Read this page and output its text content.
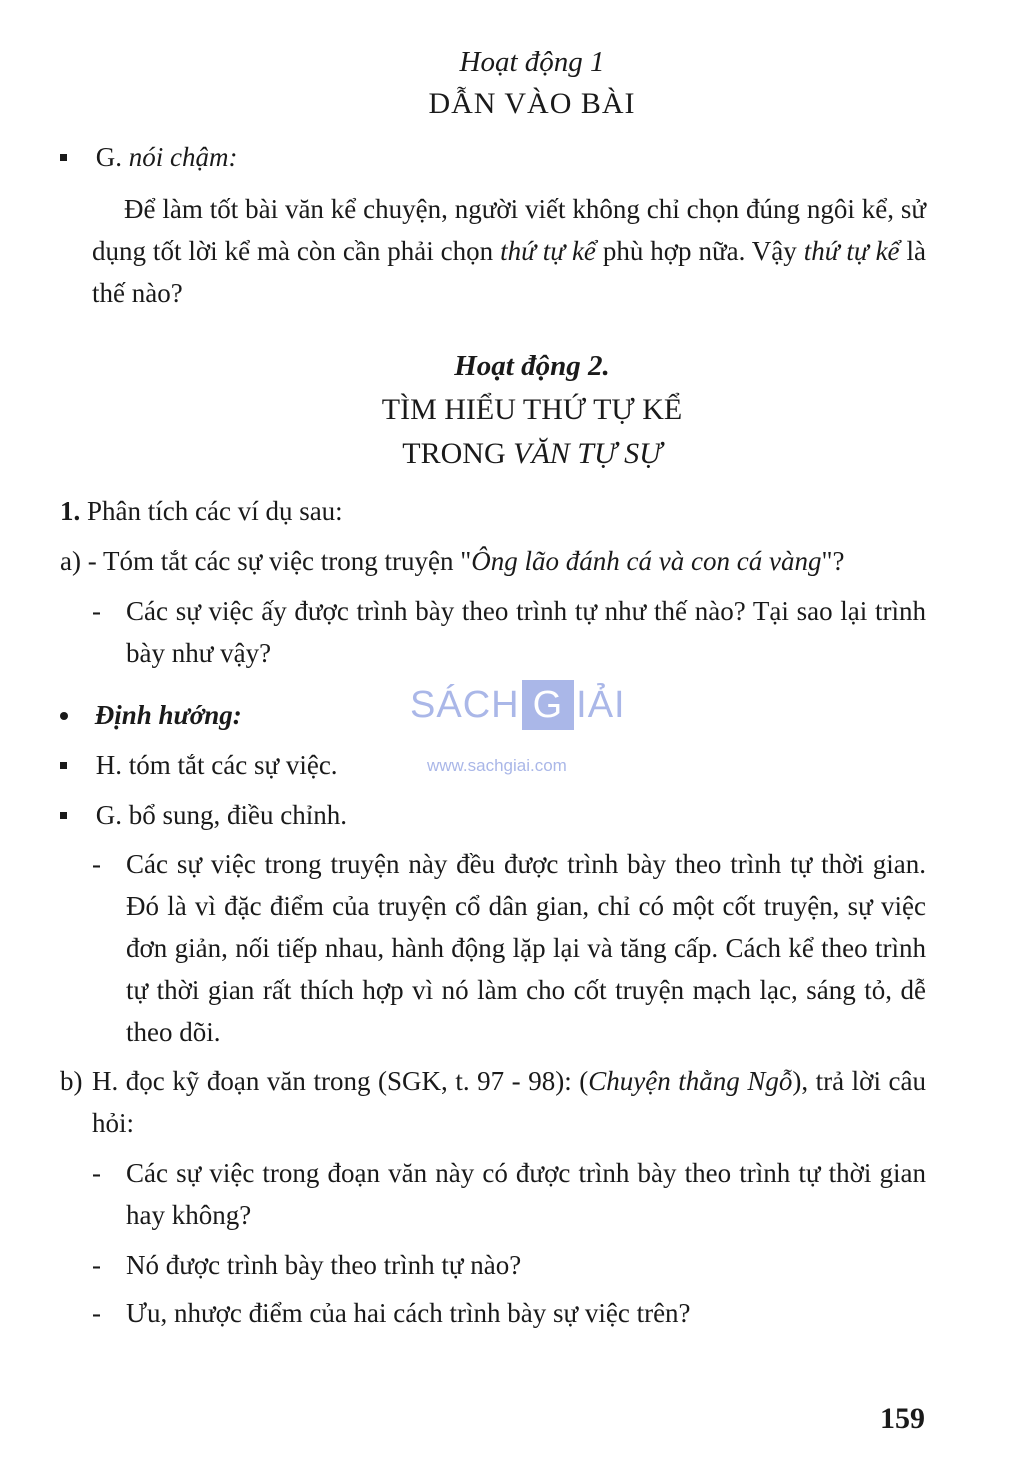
Hoạt động 1
DẪN VÀO BÀI
G. nói chậm:
Để làm tốt bài văn kể chuyện, người viết không chỉ chọn đúng ngôi kể, sử dụng tốt lời kể mà còn cần phải chọn thứ tự kể phù hợp nữa. Vậy thứ tự kể là thế nào?
Hoạt động 2.
TÌM HIỂU THỨ TỰ KỂ
TRONG VĂN TỰ SỰ
1. Phân tích các ví dụ sau:
a) - Tóm tắt các sự việc trong truyện "Ông lão đánh cá và con cá vàng"?
- Các sự việc ấy được trình bày theo trình tự như thế nào? Tại sao lại trình bày như vậy?
Định hướng:
H. tóm tắt các sự việc.
G. bổ sung, điều chỉnh.
- Các sự việc trong truyện này đều được trình bày theo trình tự thời gian. Đó là vì đặc điểm của truyện cổ dân gian, chỉ có một cốt truyện, sự việc đơn giản, nối tiếp nhau, hành động lặp lại và tăng cấp. Cách kể theo trình tự thời gian rất thích hợp vì nó làm cho cốt truyện mạch lạc, sáng tỏ, dễ theo dõi.
b) H. đọc kỹ đoạn văn trong (SGK, t. 97 - 98): (Chuyện thằng Ngỗ), trả lời câu hỏi:
- Các sự việc trong đoạn văn này có được trình bày theo trình tự thời gian hay không?
- Nó được trình bày theo trình tự nào?
- Ưu, nhược điểm của hai cách trình bày sự việc trên?
SÁCH G IẢI
www.sachgiai.com
159
